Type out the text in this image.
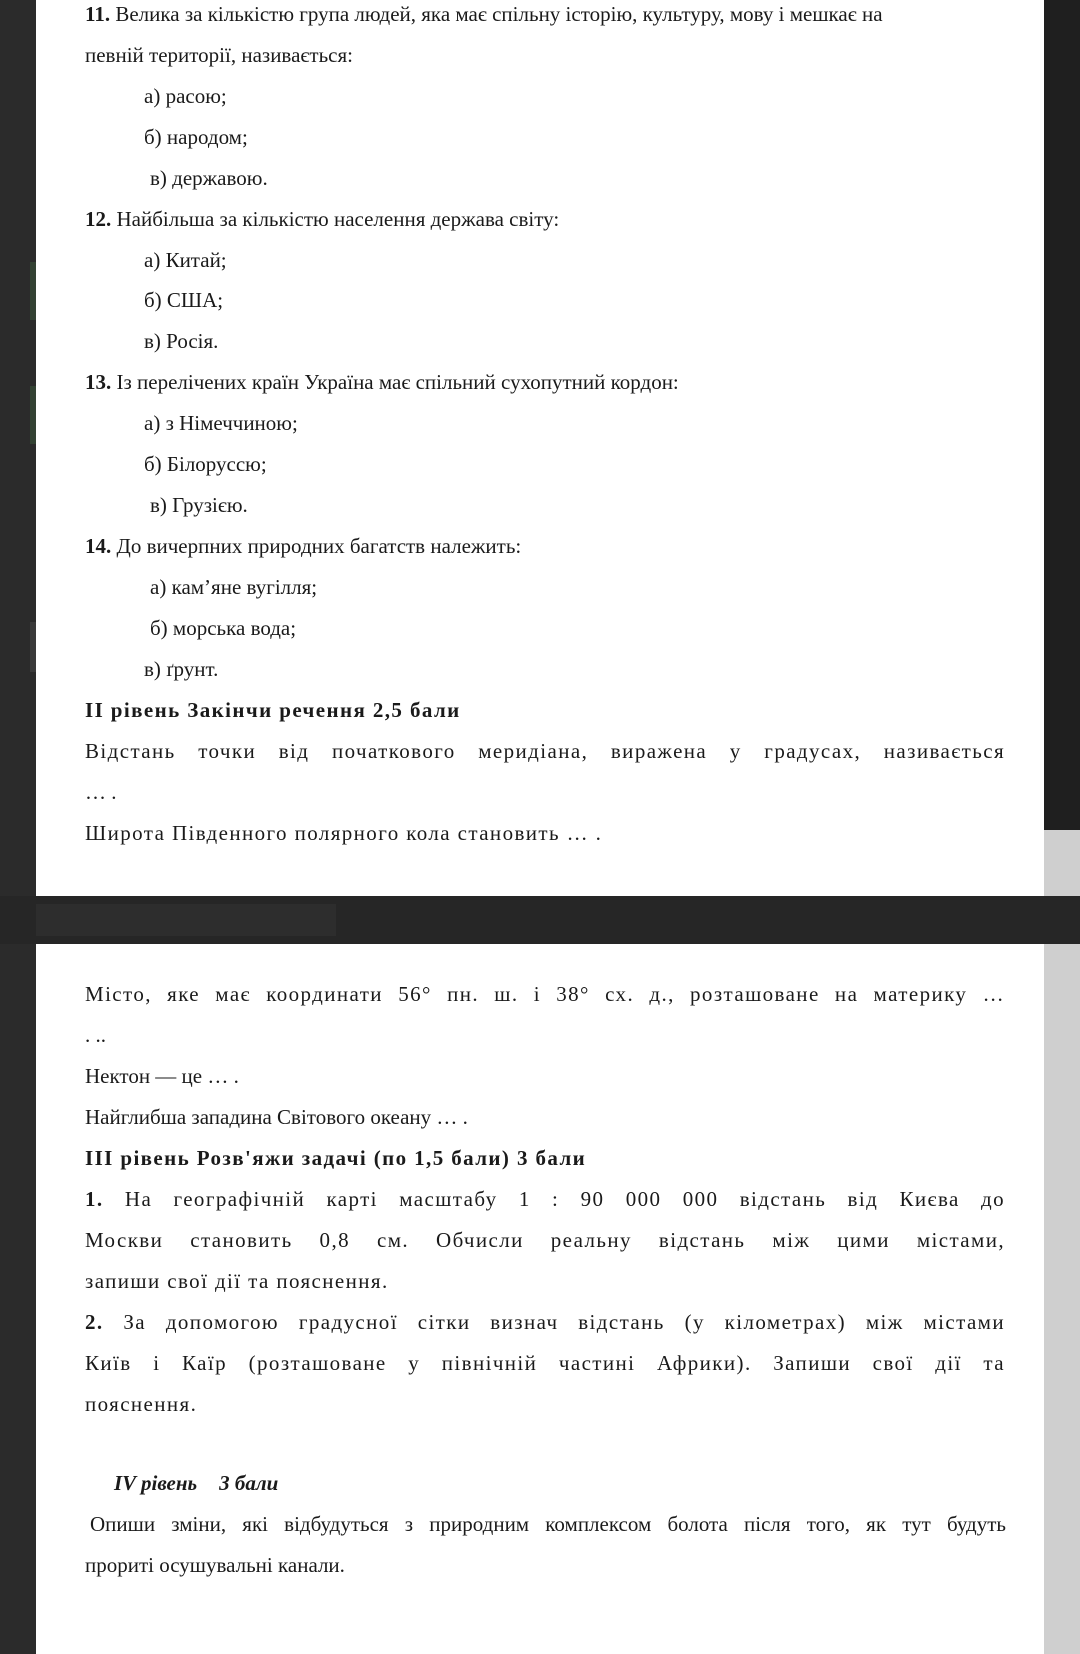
11. Велика за кількістю група людей, яка має спільну історію, культуру, мову і мешкає на
певній території, називається:
а) расою;
б) народом;
в) державою.
12. Найбільша за кількістю населення держава світу:
а) Китай;
б) США;
в) Росія.
13. Із перелічених країн Україна має спільний сухопутний кордон:
а) з Німеччиною;
б) Білоруссю;
в) Грузією.
14. До вичерпних природних багатств належить:
а) кам’яне вугілля;
б) морська вода;
в) ґрунт.
ІІ рівень Закінчи речення 2,5 бали
Відстань точки від початкового меридіана, виражена у градусах, називається
… .
Широта Південного полярного кола становить … .
Місто, яке має координати 56° пн. ш. і 38° сх. д., розташоване на материку …
. ..
Нектон — це … .
Найглибша западина Світового океану … .
ІІІ рівень Розв'яжи задачі (по 1,5 бали) 3 бали
1. На географічній карті масштабу 1 : 90 000 000 відстань від Києва до
Москви становить 0,8 см. Обчисли реальну відстань між цими містами,
запиши свої дії та пояснення.
2. За допомогою градусної сітки визнач відстань (у кілометрах) між містами
Київ і Каїр (розташоване у північній частині Африки). Запиши свої дії та
пояснення.
IV рівень 3 бали
Опиши зміни, які відбудуться з природним комплексом болота після того, як тут будуть
прориті осушувальні канали.
